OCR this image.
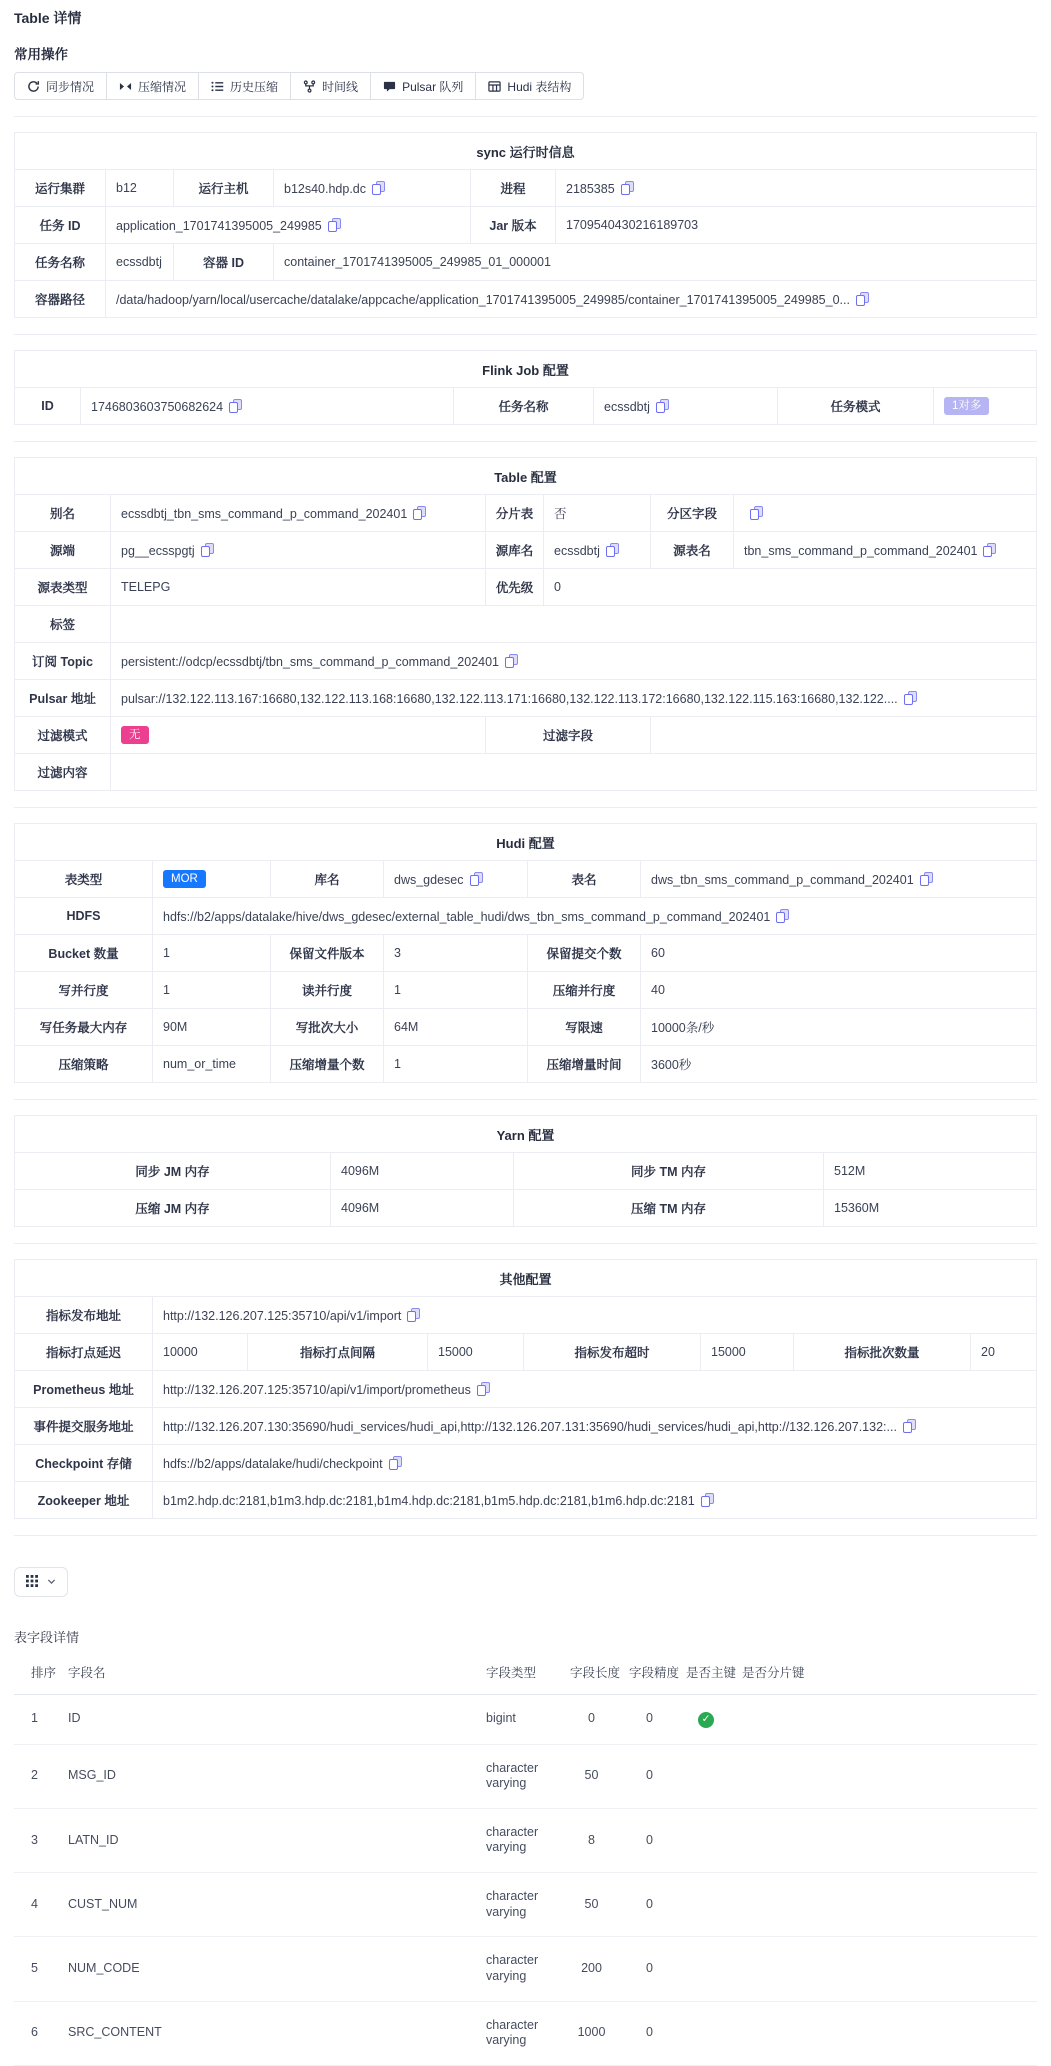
Table 详情
常用操作
同步情况	压缩情况	历史压缩	时间线	Pulsar 队列	Hudi 表结构
sync 运行时信息					
运行集群	b12	运行主机	b12s40.hdp.dc	进程	2185385
任务 ID	application_1701741395005_249985			Jar 版本	1709540430216189703
任务名称	ecssdbtj	容器 ID	container_1701741395005_249985_01_000001		
容器路径	/data/hadoop/yarn/local/usercache/datalake/appcache/application_1701741395005_249985/container_1701741395005_249985_0...				
Flink Job 配置
ID	1746803603750682624	任务名称	ecssdbtj	任务模式	1对多
Table 配置					
别名	ecssdbtj_tbn_sms_command_p_command_202401	分片表	否	分区字段	
源端	pg__ecsspgtj	源库名	ecssdbtj	源表名	tbn_sms_command_p_command_202401
源表类型	TELEPG	优先级	0		
标签					
订阅 Topic	persistent://odcp/ecssdbtj/tbn_sms_command_p_command_202401				
Pulsar 地址	pulsar://132.122.113.167:16680,132.122.113.168:16680,132.122.113.171:16680,132.122.113.172:16680,132.122.115.163:16680,132.122....				
过滤模式	无	过滤字段			
过滤内容					
Hudi 配置					
表类型	MOR	库名	dws_gdesec	表名	dws_tbn_sms_command_p_command_202401
HDFS	hdfs://b2/apps/datalake/hive/dws_gdesec/external_table_hudi/dws_tbn_sms_command_p_command_202401				
Bucket 数量	1	保留文件版本	3	保留提交个数	60
写并行度	1	读并行度	1	压缩并行度	40
写任务最大内存	90M	写批次大小	64M	写限速	10000条/秒
压缩策略	num_or_time	压缩增量个数	1	压缩增量时间	3600秒
Yarn 配置			
同步 JM 内存	4096M	同步 TM 内存	512M
压缩 JM 内存	4096M	压缩 TM 内存	15360M
其他配置							
指标发布地址	http://132.126.207.125:35710/api/v1/import						
指标打点延迟	10000	指标打点间隔	15000	指标发布超时	15000	指标批次数量	20
Prometheus 地址	http://132.126.207.125:35710/api/v1/import/prometheus						
事件提交服务地址	http://132.126.207.130:35690/hudi_services/hudi_api,http://132.126.207.131:35690/hudi_services/hudi_api,http://132.126.207.132:...						
Checkpoint 存储	hdfs://b2/apps/datalake/hudi/checkpoint						
Zookeeper 地址	b1m2.hdp.dc:2181,b1m3.hdp.dc:2181,b1m4.hdp.dc:2181,b1m5.hdp.dc:2181,b1m6.hdp.dc:2181						
表字段详情
排序	字段名	字段类型	字段长度	字段精度	是否主键	是否分片键	
1	ID	bigint	0	0	✓		
2	MSG_ID	character varying	50	0			
3	LATN_ID	character varying	8	0			
4	CUST_NUM	character varying	50	0			
5	NUM_CODE	character varying	200	0			
6	SRC_CONTENT	character varying	1000	0			
